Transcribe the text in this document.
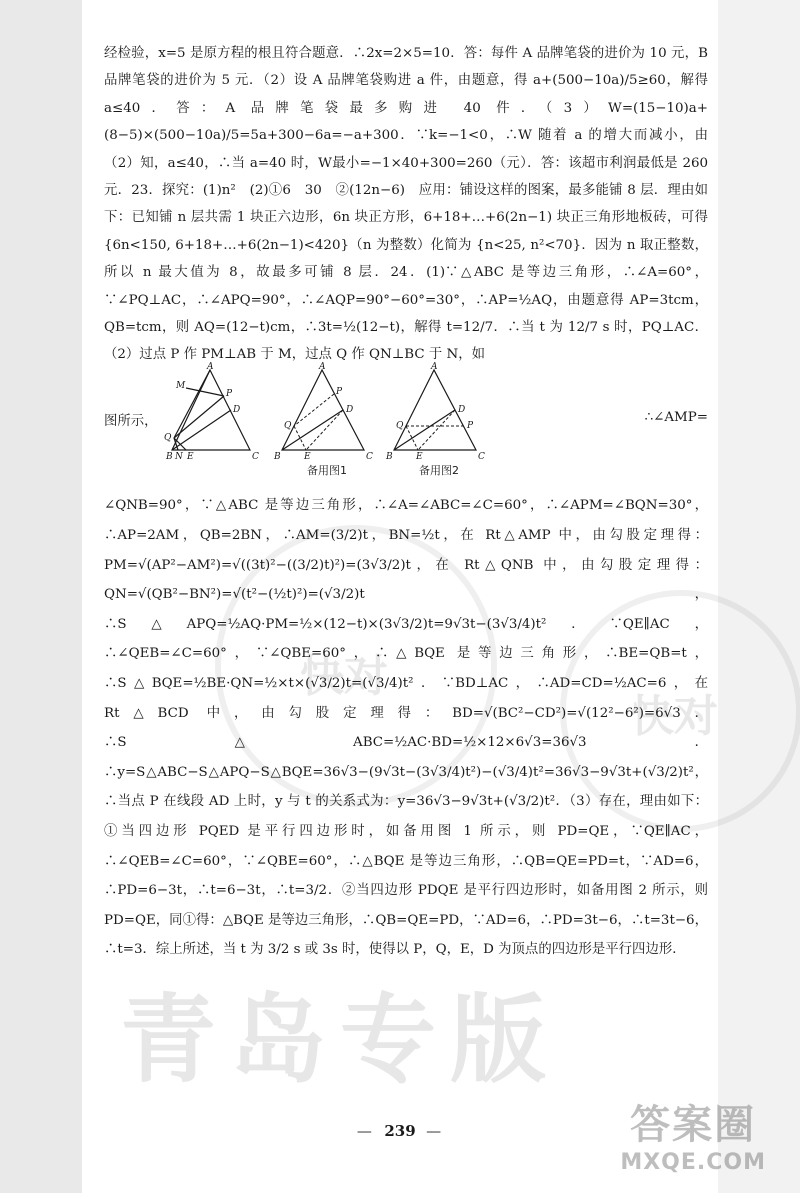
快对
快对
青岛专版

经检验，x=5 是原方程的根且符合题意．∴2x=2×5=10．答：每件 A 品牌笔袋的进价为 10 元，B 品牌笔袋的进价为 5 元．（2）设 A 品牌笔袋购进 a 件，由题意，得 a+(500−10a)/5≥60，解得 a≤40．答：A 品牌笔袋最多购进 40 件．（3）W=(15−10)a+(8−5)×(500−10a)/5=5a+300−6a=−a+300．∵k=−1<0，∴W 随着 a 的增大而减小，由（2）知，a≤40，∴当 a=40 时，W最小=−1×40+300=260（元）．答：该超市利润最低是 260 元．23．探究：(1)n²　(2)①6　30　②(12n−6)　应用：铺设这样的图案，最多能铺 8 层．理由如下：已知铺 n 层共需 1 块正六边形，6n 块正方形，6+18+…+6(2n−1) 块正三角形地板砖，可得 {6n<150, 6+18+…+6(2n−1)<420}（n 为整数）化简为 {n<25, n²<70}．因为 n 取正整数，所以 n 最大值为 8，故最多可铺 8 层．24．(1)∵△ABC 是等边三角形，∴∠A=60°，∵∠PQ⊥AC，∴∠APQ=90°，∴∠AQP=90°−60°=30°，∴AP=½AQ，由题意得 AP=3tcm，QB=tcm，则 AQ=(12−t)cm，∴3t=½(12−t)，解得 t=12/7．∴当 t 为 12/7 s 时，PQ⊥AC．（2）过点 P 作 PM⊥AB 于 M，过点 Q 作 QN⊥BC 于 N，如

图所示，
A
M
P
D
Q
B N E	C
A
P
D
Q
B	E	C
备用图1
A
D
P
Q
B	E	C
备用图2
∴∠AMP=

∠QNB=90°，∵△ABC 是等边三角形，∴∠A=∠ABC=∠C=60°，∴∠APM=∠BQN=30°，∴AP=2AM，QB=2BN，∴AM=(3/2)t，BN=½t，在 Rt△AMP 中，由勾股定理得：PM=√(AP²−AM²)=√((3t)²−((3/2)t)²)=(3√3/2)t，在 Rt△QNB 中，由勾股定理得：QN=√(QB²−BN²)=√(t²−(½t)²)=(√3/2)t，∴S△APQ=½AQ·PM=½×(12−t)×(3√3/2)t=9√3t−(3√3/4)t²．∵QE∥AC，∴∠QEB=∠C=60°，∵∠QBE=60°，∴△BQE 是等边三角形，∴BE=QB=t，∴S△BQE=½BE·QN=½×t×(√3/2)t=(√3/4)t²．∵BD⊥AC，∴AD=CD=½AC=6，在 Rt△BCD 中，由勾股定理得：BD=√(BC²−CD²)=√(12²−6²)=6√3．∴S△ABC=½AC·BD=½×12×6√3=36√3．∴y=S△ABC−S△APQ−S△BQE=36√3−(9√3t−(3√3/4)t²)−(√3/4)t²=36√3−9√3t+(√3/2)t²，∴当点 P 在线段 AD 上时，y 与 t 的关系式为：y=36√3−9√3t+(√3/2)t²．（3）存在，理由如下：①当四边形 PQED 是平行四边形时，如备用图 1 所示，则 PD=QE，∵QE∥AC，∴∠QEB=∠C=60°，∵∠QBE=60°，∴△BQE 是等边三角形，∴QB=QE=PD=t，∵AD=6，∴PD=6−3t，∴t=6−3t，∴t=3/2．②当四边形 PDQE 是平行四边形时，如备用图 2 所示，则 PD=QE，同①得：△BQE 是等边三角形，∴QB=QE=PD，∵AD=6，∴PD=3t−6，∴t=3t−6，∴t=3．综上所述，当 t 为 3/2 s 或 3s 时，使得以 P，Q，E，D 为顶点的四边形是平行四边形．

— 239 —	答案圈
MXQE.COM
